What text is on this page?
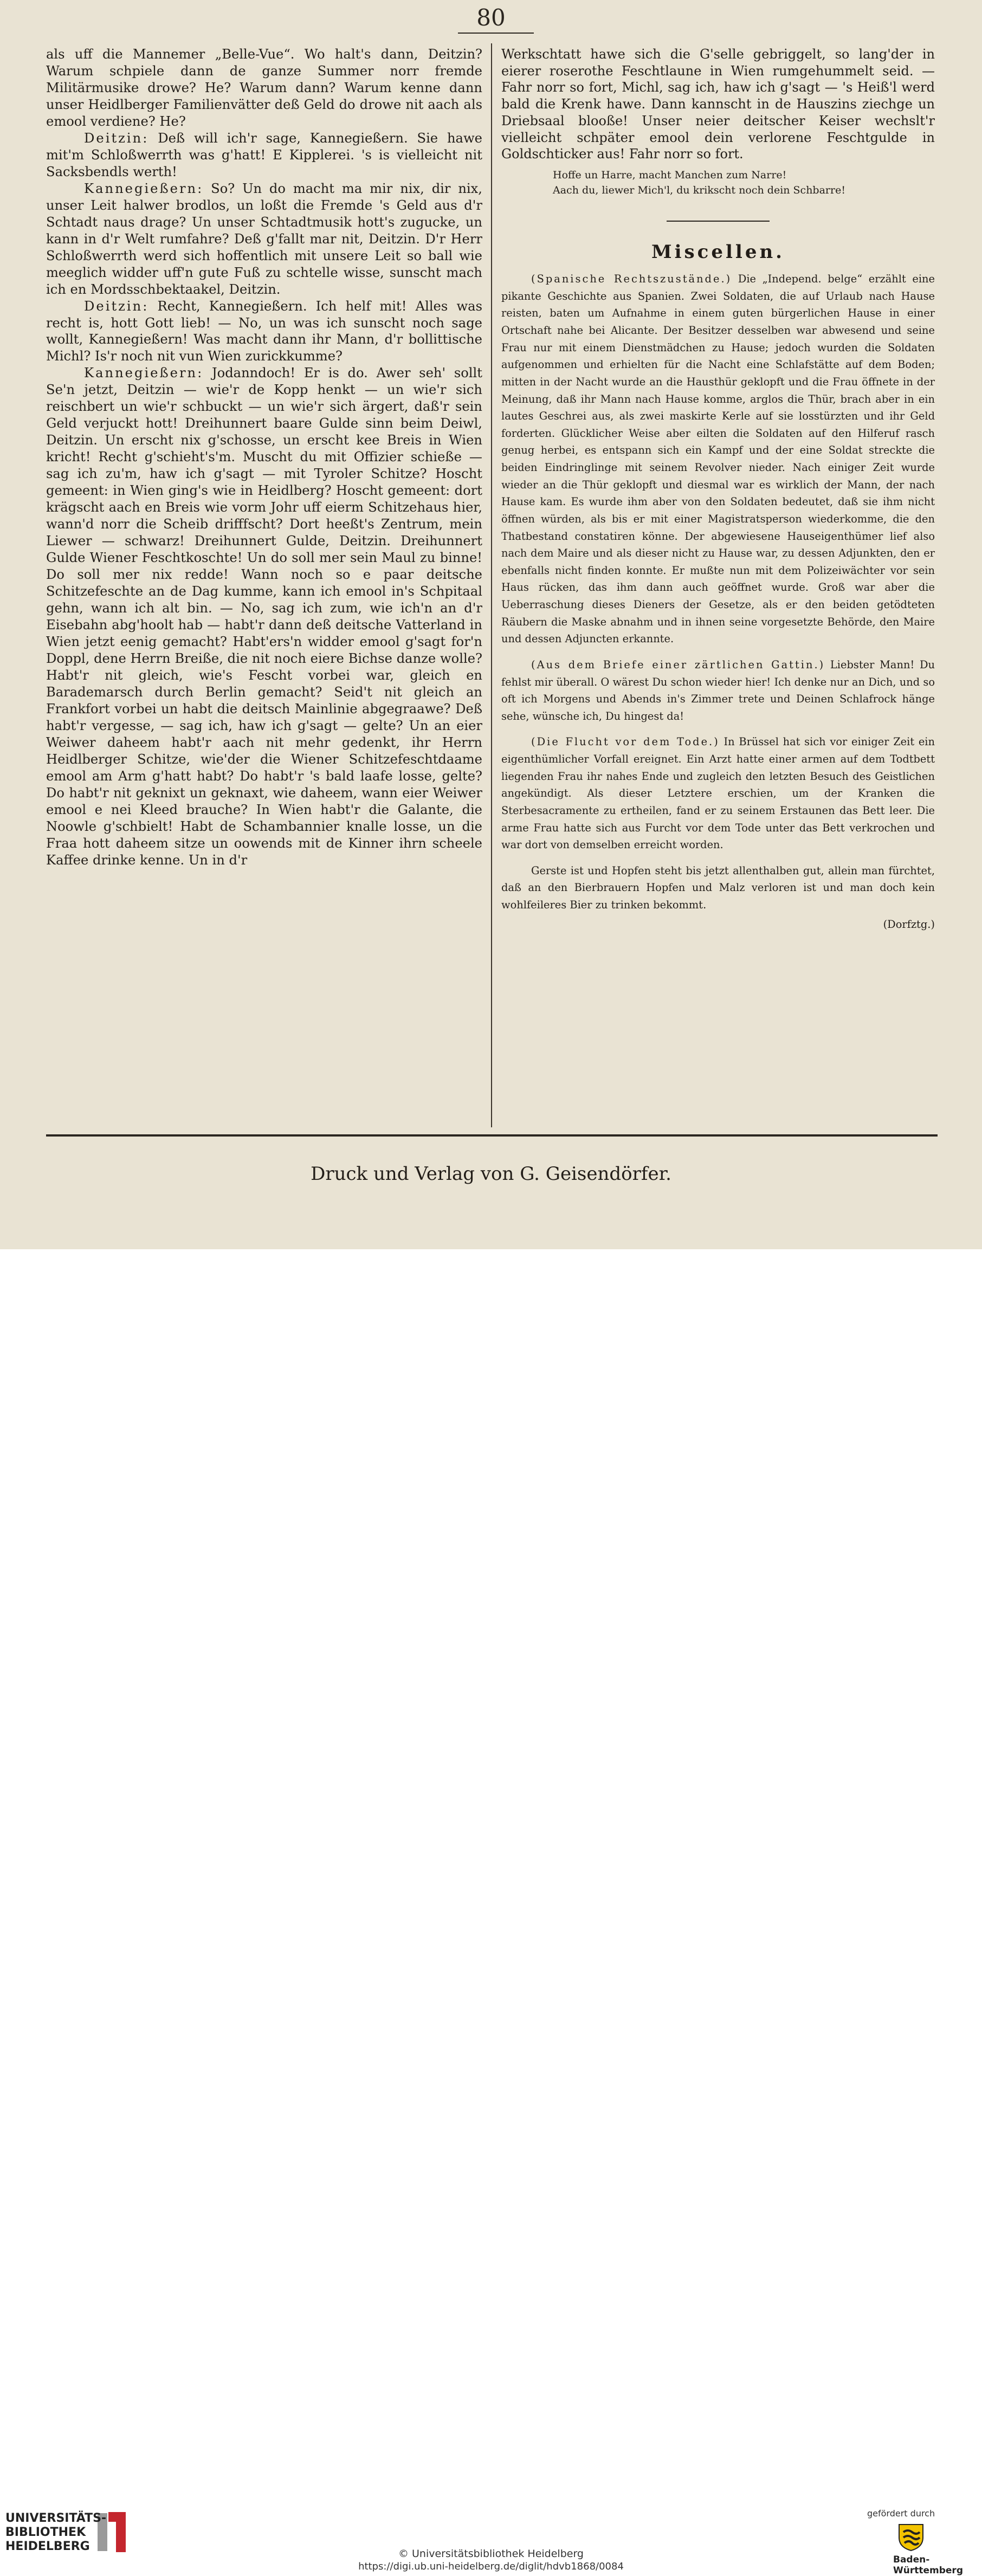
80

als uff die Mannemer „Belle-Vue“. Wo halt's dann, Deitzin? Warum schpiele dann de ganze Summer norr fremde Militärmusike drowe? He? Warum dann? Warum kenne dann unser Heidlberger Familienvätter deß Geld do drowe nit aach als emool verdiene? He?

Deitzin: Deß will ich'r sage, Kannegießern. Sie hawe mit'm Schloßwerrth was g'hatt! E Kipplerei. 's is vielleicht nit Sacksbendls werth!

Kannegießern: So? Un do macht ma mir nix, dir nix, unser Leit halwer brodlos, un loßt die Fremde 's Geld aus d'r Schtadt naus drage? Un unser Schtadtmusik hott's zugucke, un kann in d'r Welt rumfahre? Deß g'fallt mar nit, Deitzin. D'r Herr Schloßwerrth werd sich hoffentlich mit unsere Leit so ball wie meeglich widder uff'n gute Fuß zu schtelle wisse, sunscht mach ich en Mordsschbektaakel, Deitzin.

Deitzin: Recht, Kannegießern. Ich helf mit! Alles was recht is, hott Gott lieb! — No, un was ich sunscht noch sage wollt, Kannegießern! Was macht dann ihr Mann, d'r bollittische Michl? Is'r noch nit vun Wien zurickkumme?

Kannegießern: Jodanndoch! Er is do. Awer seh' sollt Se'n jetzt, Deitzin — wie'r de Kopp henkt — un wie'r sich reischbert un wie'r schbuckt — un wie'r sich ärgert, daß'r sein Geld verjuckt hott! Dreihunnert baare Gulde sinn beim Deiwl, Deitzin. Un erscht nix g'schosse, un erscht kee Breis in Wien kricht! Recht g'schieht's'm. Muscht du mit Offizier schieße — sag ich zu'm, haw ich g'sagt — mit Tyroler Schitze? Hoscht gemeent: in Wien ging's wie in Heidlberg? Hoscht gemeent: dort krägscht aach en Breis wie vorm Johr uff eierm Schitzehaus hier, wann'd norr die Scheib drifffscht? Dort heeßt's Zentrum, mein Liewer — schwarz! Dreihunnert Gulde, Deitzin. Dreihunnert Gulde Wiener Feschtkoschte! Un do soll mer sein Maul zu binne! Do soll mer nix redde! Wann noch so e paar deitsche Schitzefeschte an de Dag kumme, kann ich emool in's Schpitaal gehn, wann ich alt bin. — No, sag ich zum, wie ich'n an d'r Eisebahn abg'hoolt hab — habt'r dann deß deitsche Vatterland in Wien jetzt eenig gemacht? Habt'ers'n widder emool g'sagt for'n Doppl, dene Herrn Breiße, die nit noch eiere Bichse danze wolle? Habt'r nit gleich, wie's Fescht vorbei war, gleich en Barademarsch durch Berlin gemacht? Seid't nit gleich an Frankfort vorbei un habt die deitsch Mainlinie abgegraawe? Deß habt'r vergesse, — sag ich, haw ich g'sagt — gelte? Un an eier Weiwer daheem habt'r aach nit mehr gedenkt, ihr Herrn Heidlberger Schitze, wie'der die Wiener Schitzefeschtdaame emool am Arm g'hatt habt? Do habt'r 's bald laafe losse, gelte? Do habt'r nit geknixt un geknaxt, wie daheem, wann eier Weiwer emool e nei Kleed brauche? In Wien habt'r die Galante, die Noowle g'schbielt! Habt de Schambannier knalle losse, un die Fraa hott daheem sitze un oowends mit de Kinner ihrn scheele Kaffee drinke kenne. Un in d'r

Werkschtatt hawe sich die G'selle gebriggelt, so lang'der in eierer roserothe Feschtlaune in Wien rumgehummelt seid. — Fahr norr so fort, Michl, sag ich, haw ich g'sagt — 's Heiß'l werd bald die Krenk hawe. Dann kannscht in de Hauszins ziechge un Driebsaal blooße! Unser neier deitscher Keiser wechslt'r vielleicht schpäter emool dein verlorene Feschtgulde in Goldschticker aus! Fahr norr so fort.

Hoffe un Harre, macht Manchen zum Narre!
Aach du, liewer Mich'l, du krikscht noch dein Schbarre!
Miscellen.

(Spanische Rechtszustände.) Die „Independ. belge“ erzählt eine pikante Geschichte aus Spanien. Zwei Soldaten, die auf Urlaub nach Hause reisten, baten um Aufnahme in einem guten bürgerlichen Hause in einer Ortschaft nahe bei Alicante. Der Besitzer desselben war abwesend und seine Frau nur mit einem Dienstmädchen zu Hause; jedoch wurden die Soldaten aufgenommen und erhielten für die Nacht eine Schlafstätte auf dem Boden; mitten in der Nacht wurde an die Hausthür geklopft und die Frau öffnete in der Meinung, daß ihr Mann nach Hause komme, arglos die Thür, brach aber in ein lautes Geschrei aus, als zwei maskirte Kerle auf sie losstürzten und ihr Geld forderten. Glücklicher Weise aber eilten die Soldaten auf den Hilferuf rasch genug herbei, es entspann sich ein Kampf und der eine Soldat streckte die beiden Eindringlinge mit seinem Revolver nieder. Nach einiger Zeit wurde wieder an die Thür geklopft und diesmal war es wirklich der Mann, der nach Hause kam. Es wurde ihm aber von den Soldaten bedeutet, daß sie ihm nicht öffnen würden, als bis er mit einer Magistratsperson wiederkomme, die den Thatbestand constatiren könne. Der abgewiesene Hauseigenthümer lief also nach dem Maire und als dieser nicht zu Hause war, zu dessen Adjunkten, den er ebenfalls nicht finden konnte. Er mußte nun mit dem Polizeiwächter vor sein Haus rücken, das ihm dann auch geöffnet wurde. Groß war aber die Ueberraschung dieses Dieners der Gesetze, als er den beiden getödteten Räubern die Maske abnahm und in ihnen seine vorgesetzte Behörde, den Maire und dessen Adjuncten erkannte.

(Aus dem Briefe einer zärtlichen Gattin.) Liebster Mann! Du fehlst mir überall. O wärest Du schon wieder hier! Ich denke nur an Dich, und so oft ich Morgens und Abends in's Zimmer trete und Deinen Schlafrock hänge sehe, wünsche ich, Du hingest da!

(Die Flucht vor dem Tode.) In Brüssel hat sich vor einiger Zeit ein eigenthümlicher Vorfall ereignet. Ein Arzt hatte einer armen auf dem Todtbett liegenden Frau ihr nahes Ende und zugleich den letzten Besuch des Geistlichen angekündigt. Als dieser Letztere erschien, um der Kranken die Sterbesacramente zu ertheilen, fand er zu seinem Erstaunen das Bett leer. Die arme Frau hatte sich aus Furcht vor dem Tode unter das Bett verkrochen und war dort von demselben erreicht worden.

Gerste ist und Hopfen steht bis jetzt allenthalben gut, allein man fürchtet, daß an den Bierbrauern Hopfen und Malz verloren ist und man doch kein wohlfeileres Bier zu trinken bekommt.

(Dorfztg.)

Druck und Verlag von G. Geisendörfer.
UNIVERSITÄTS-
BIBLIOTHEK
HEIDELBERG
© Universitätsbibliothek Heidelberg
https://digi.ub.uni-heidelberg.de/diglit/hdvb1868/0084
gefördert durch
Baden-Württemberg
